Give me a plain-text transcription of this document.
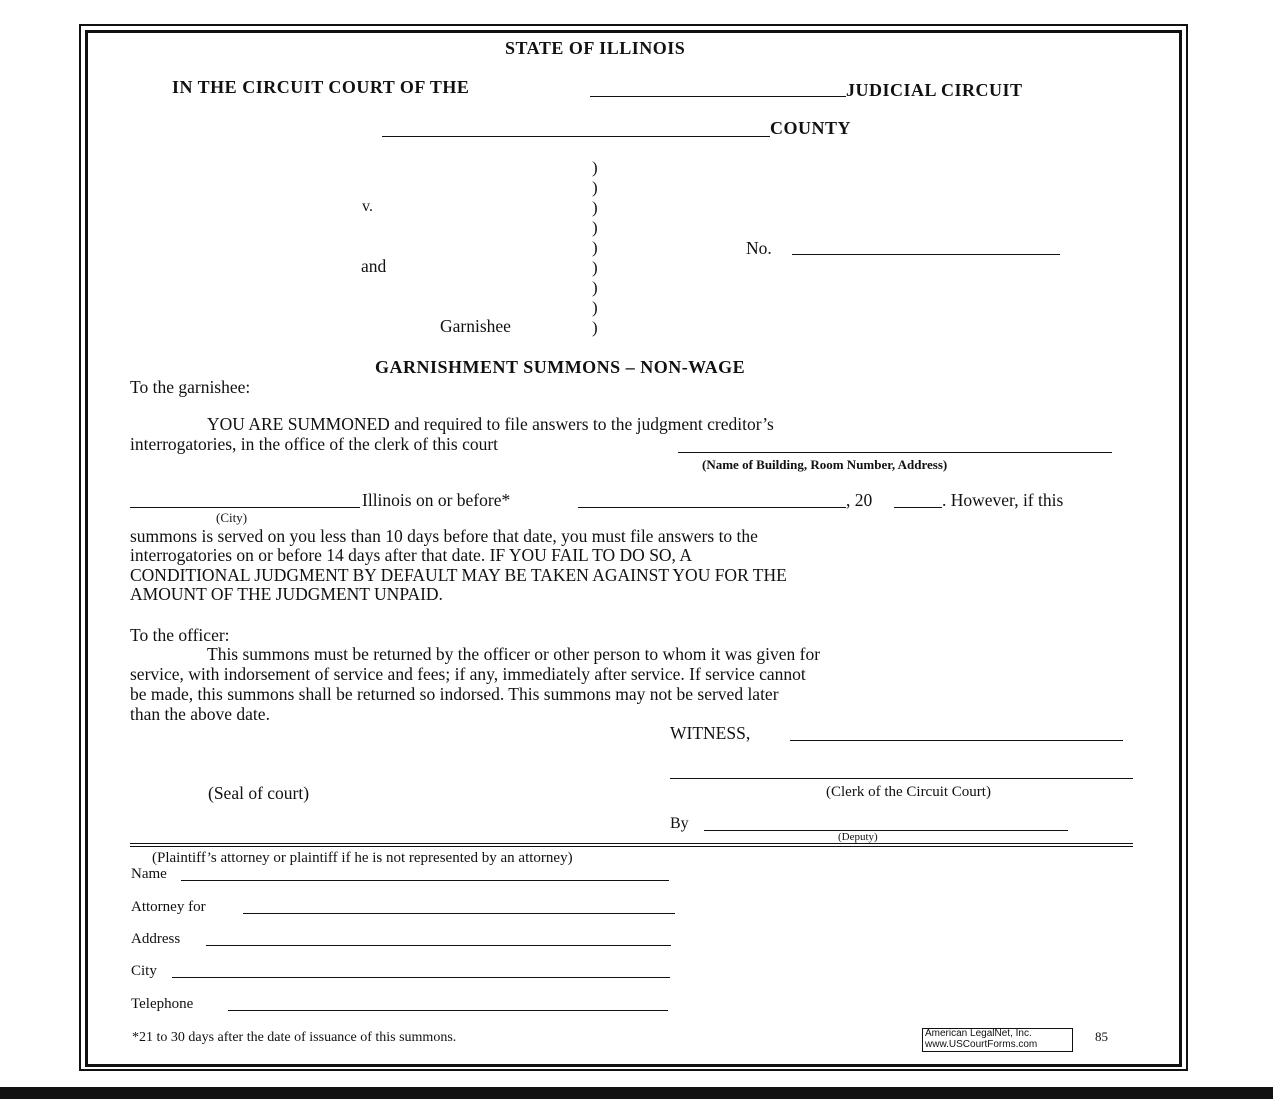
STATE OF ILLINOIS
IN THE CIRCUIT COURT OF THE	JUDICIAL CIRCUIT
COUNTY
v.
and
Garnishee
)
)
)
)
)
)
)
)
)
No.
GARNISHMENT SUMMONS – NON-WAGE
To the garnishee:
YOU ARE SUMMONED and required to file answers to the judgment creditor’s
interrogatories, in the office of the clerk of this court
(Name of Building, Room Number, Address)
Illinois on or before*	, 20	. However, if this
(City)
summons is served on you less than 10 days before that date, you must file answers to the
interrogatories on or before 14 days after that date. IF YOU FAIL TO DO SO, A
CONDITIONAL JUDGMENT BY DEFAULT MAY BE TAKEN AGAINST YOU FOR THE
AMOUNT OF THE JUDGMENT UNPAID.
To the officer:
This summons must be returned by the officer or other person to whom it was given for
service, with indorsement of service and fees; if any, immediately after service. If service cannot
be made, this summons shall be returned so indorsed. This summons may not be served later
than the above date.
WITNESS,
(Seal of court)	(Clerk of the Circuit Court)
By
(Deputy)
(Plaintiff’s attorney or plaintiff if he is not represented by an attorney)
Name
Attorney for
Address
City
Telephone
*21 to 30 days after the date of issuance of this summons.	American LegalNet, Inc.
www.USCourtForms.com	85
